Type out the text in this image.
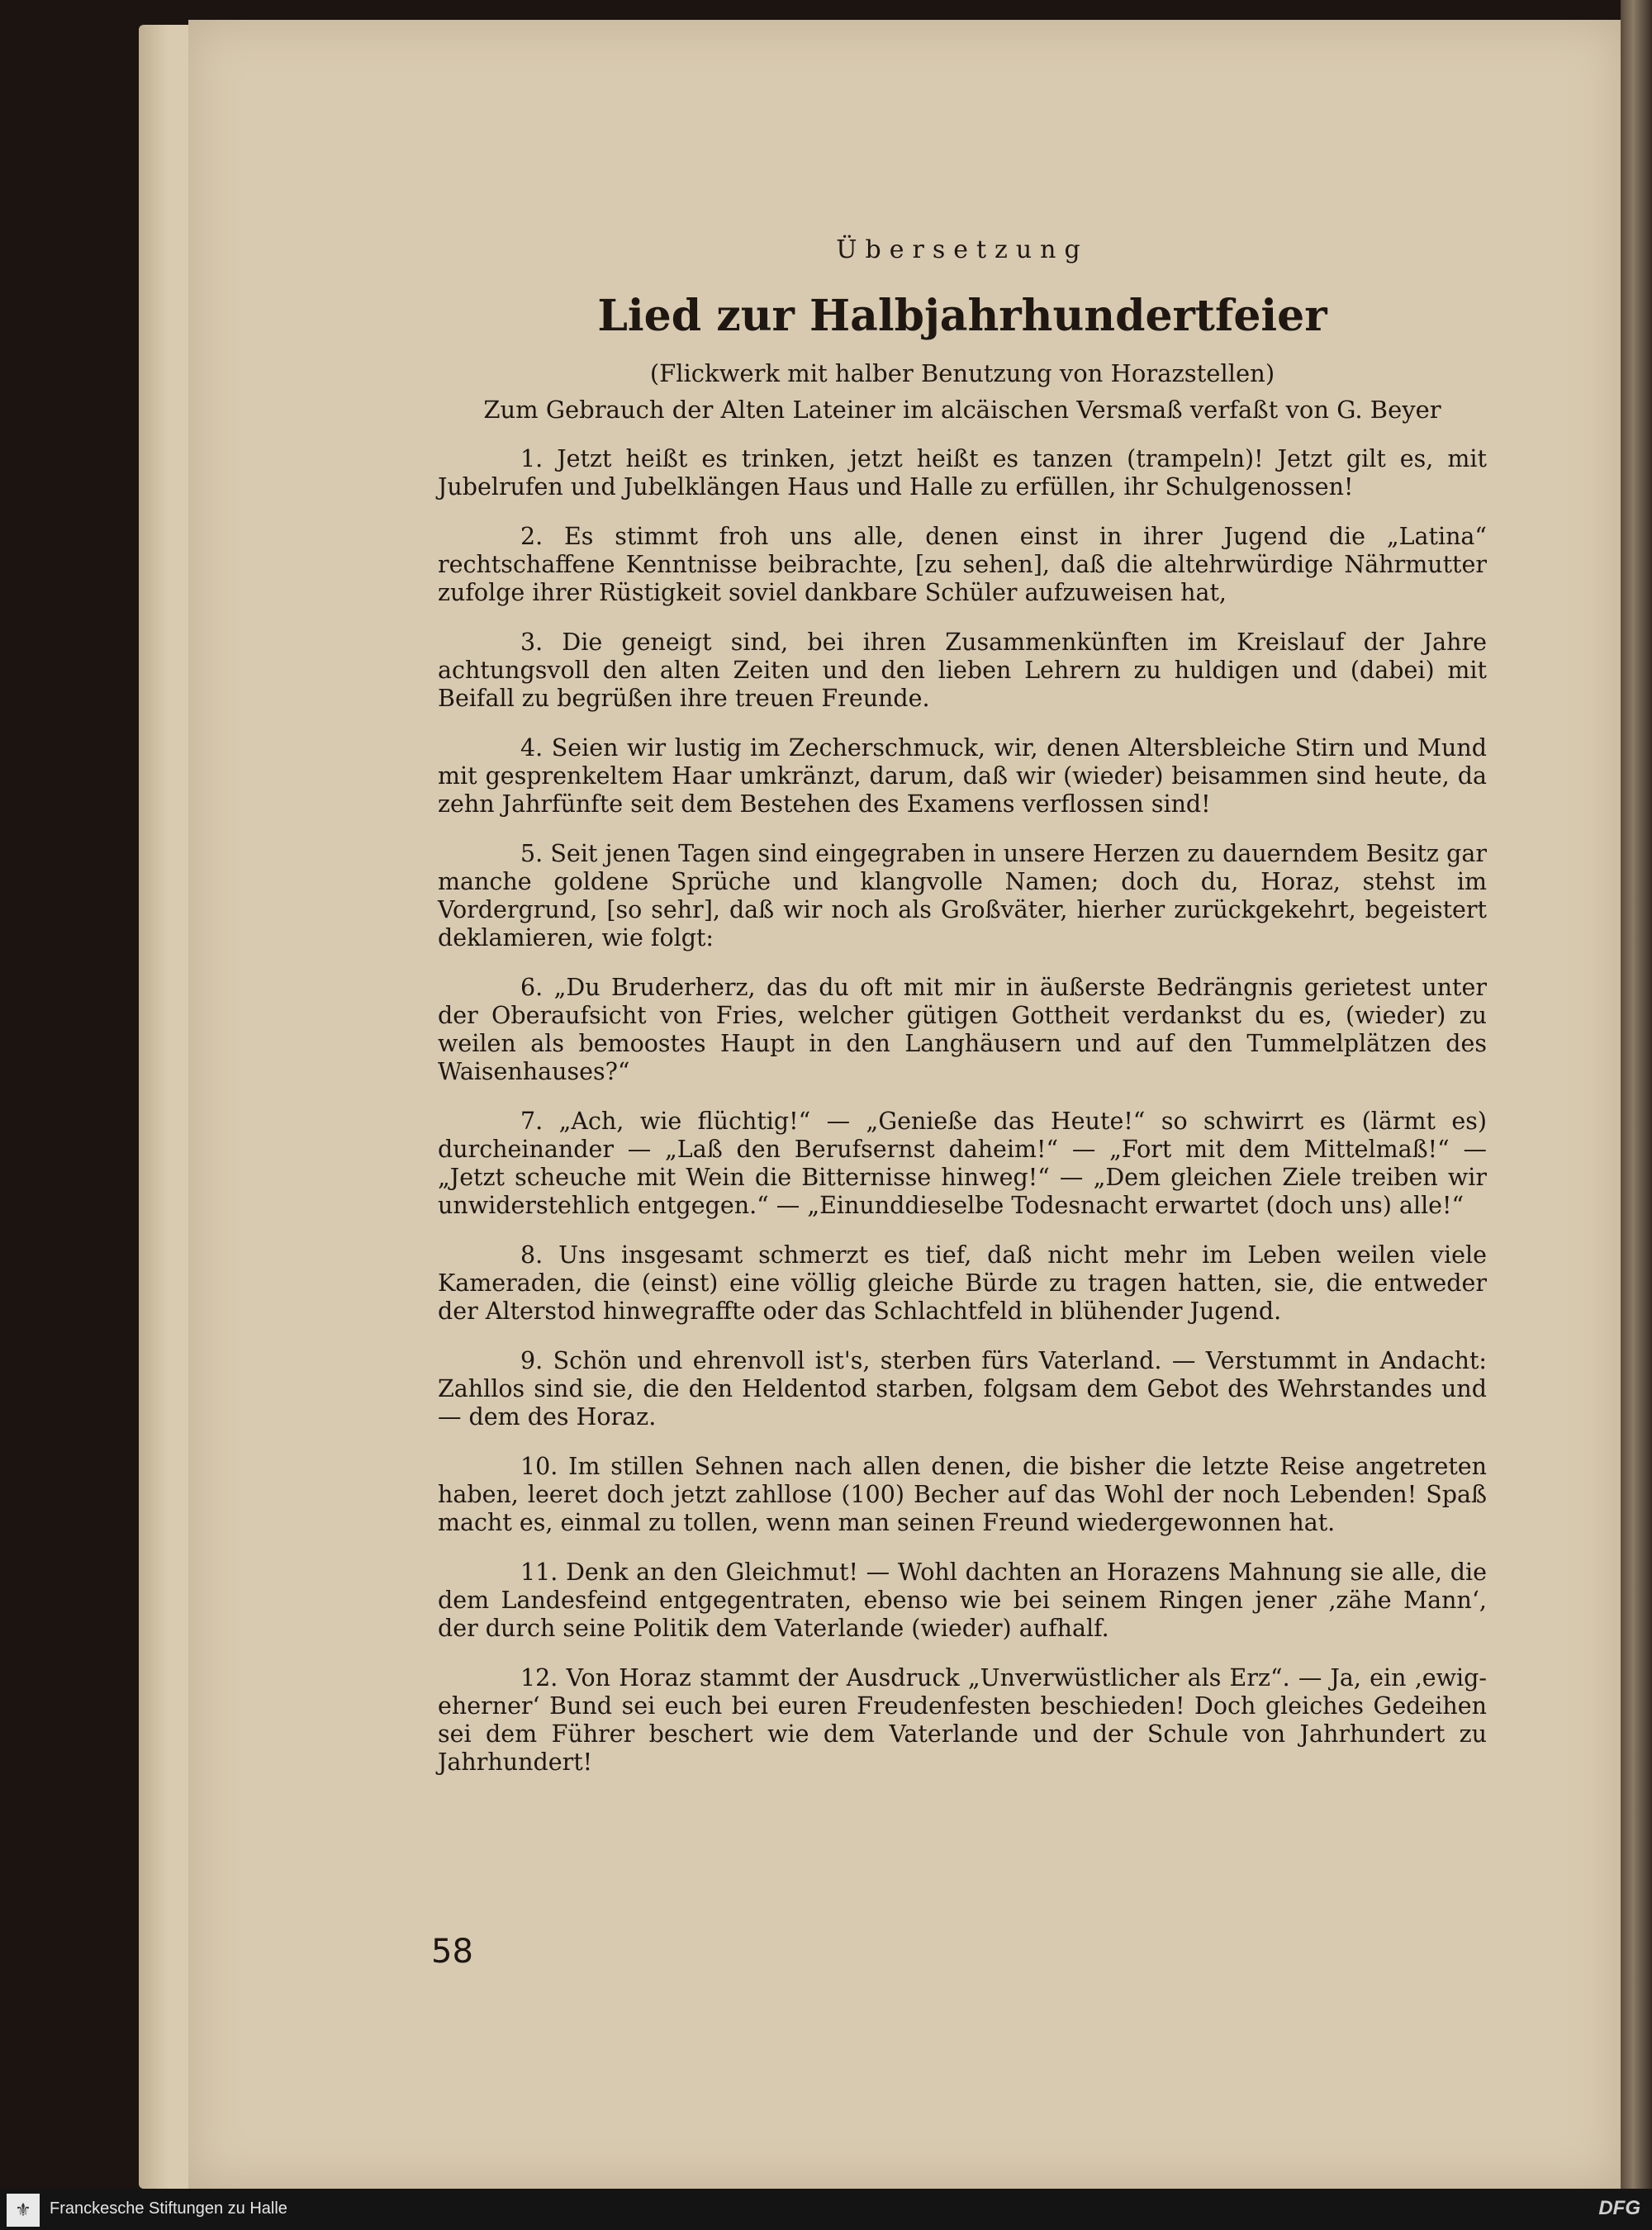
Übersetzung
Lied zur Halbjahrhundertfeier
(Flickwerk mit halber Benutzung von Horazstellen)
Zum Gebrauch der Alten Lateiner im alcäischen Versmaß verfaßt von G. Beyer

1. Jetzt heißt es trinken, jetzt heißt es tanzen (trampeln)! Jetzt gilt es, mit Jubelrufen und Jubelklängen Haus und Halle zu erfüllen, ihr Schulgenossen!

2. Es stimmt froh uns alle, denen einst in ihrer Jugend die „Latina“ rechtschaffene Kenntnisse beibrachte, [zu sehen], daß die altehrwürdige Nährmutter zufolge ihrer Rüstigkeit soviel dankbare Schüler aufzuweisen hat,

3. Die geneigt sind, bei ihren Zusammenkünften im Kreislauf der Jahre achtungsvoll den alten Zeiten und den lieben Lehrern zu huldigen und (dabei) mit Beifall zu begrüßen ihre treuen Freunde.

4. Seien wir lustig im Zecherschmuck, wir, denen Altersbleiche Stirn und Mund mit gesprenkeltem Haar umkränzt, darum, daß wir (wieder) beisammen sind heute, da zehn Jahrfünfte seit dem Bestehen des Examens verflossen sind!

5. Seit jenen Tagen sind eingegraben in unsere Herzen zu dauerndem Besitz gar manche goldene Sprüche und klangvolle Namen; doch du, Horaz, stehst im Vordergrund, [so sehr], daß wir noch als Großväter, hierher zurückgekehrt, begeistert deklamieren, wie folgt:

6. „Du Bruderherz, das du oft mit mir in äußerste Bedrängnis gerietest unter der Oberaufsicht von Fries, welcher gütigen Gottheit verdankst du es, (wieder) zu weilen als bemoostes Haupt in den Langhäusern und auf den Tummelplätzen des Waisenhauses?“

7. „Ach, wie flüchtig!“ — „Genieße das Heute!“ so schwirrt es (lärmt es) durcheinander — „Laß den Berufsernst daheim!“ — „Fort mit dem Mittelmaß!“ — „Jetzt scheuche mit Wein die Bitternisse hinweg!“ — „Dem gleichen Ziele treiben wir unwiderstehlich entgegen.“ — „Einunddieselbe Todesnacht erwartet (doch uns) alle!“

8. Uns insgesamt schmerzt es tief, daß nicht mehr im Leben weilen viele Kameraden, die (einst) eine völlig gleiche Bürde zu tragen hatten, sie, die entweder der Alterstod hinwegraffte oder das Schlachtfeld in blühender Jugend.

9. Schön und ehrenvoll ist's, sterben fürs Vaterland. — Verstummt in Andacht: Zahllos sind sie, die den Heldentod starben, folgsam dem Gebot des Wehrstandes und — dem des Horaz.

10. Im stillen Sehnen nach allen denen, die bisher die letzte Reise angetreten haben, leeret doch jetzt zahllose (100) Becher auf das Wohl der noch Lebenden! Spaß macht es, einmal zu tollen, wenn man seinen Freund wiedergewonnen hat.

11. Denk an den Gleichmut! — Wohl dachten an Horazens Mahnung sie alle, die dem Landesfeind entgegentraten, ebenso wie bei seinem Ringen jener ‚zähe Mann‘, der durch seine Politik dem Vaterlande (wieder) aufhalf.

12. Von Horaz stammt der Ausdruck „Unverwüstlicher als Erz“. — Ja, ein ‚ewig-eherner‘ Bund sei euch bei euren Freudenfesten beschieden! Doch gleiches Gedeihen sei dem Führer beschert wie dem Vaterlande und der Schule von Jahrhundert zu Jahrhundert!

58
⚜	Franckesche Stiftungen zu Halle	DFG
